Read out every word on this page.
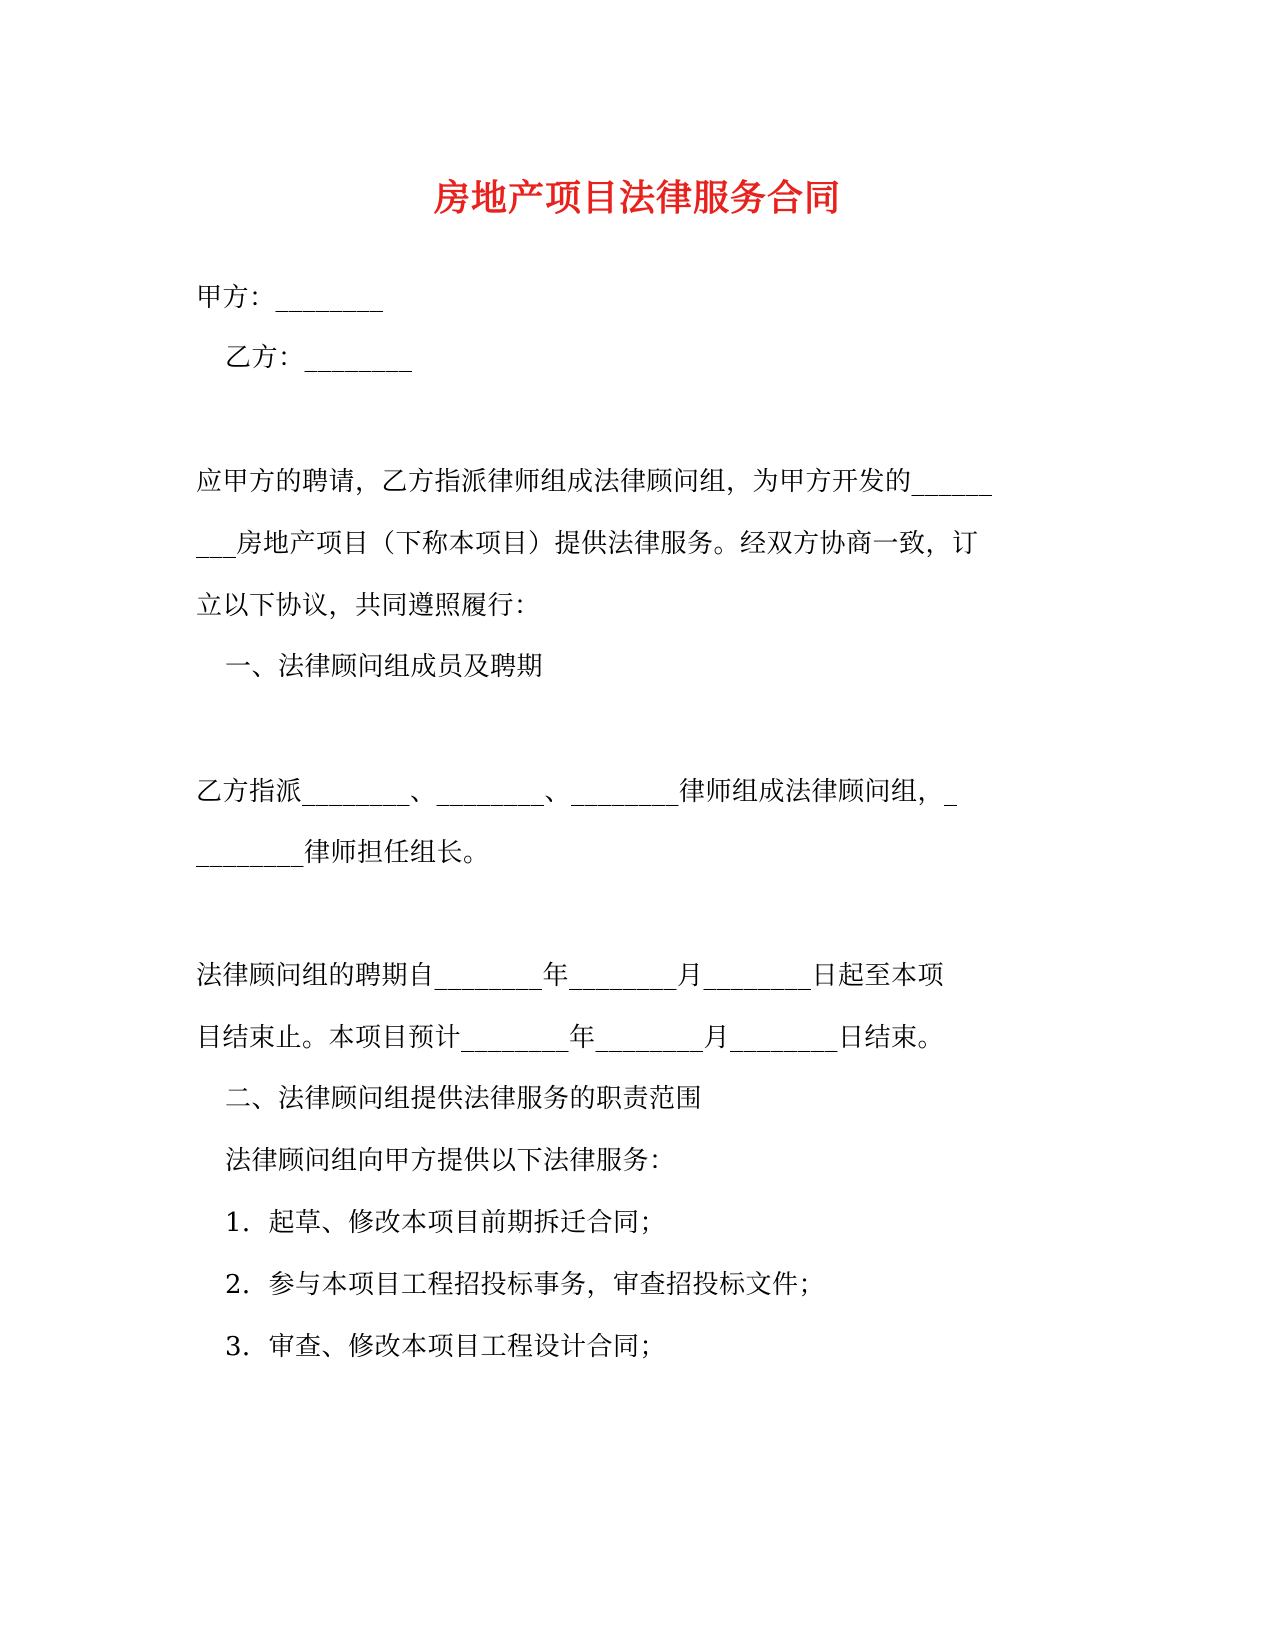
房地产项目法律服务合同
甲方：________
乙方：________
应甲方的聘请，乙方指派律师组成法律顾问组，为甲方开发的______
___房地产项目（下称本项目）提供法律服务。经双方协商一致，订
立以下协议，共同遵照履行：
一、法律顾问组成员及聘期
乙方指派________、________、________律师组成法律顾问组，_
________律师担任组长。
法律顾问组的聘期自________年________月________日起至本项
目结束止。本项目预计________年________月________日结束。
二、法律顾问组提供法律服务的职责范围
法律顾问组向甲方提供以下法律服务：
1．起草、修改本项目前期拆迁合同；
2．参与本项目工程招投标事务，审查招投标文件；
3．审查、修改本项目工程设计合同；
